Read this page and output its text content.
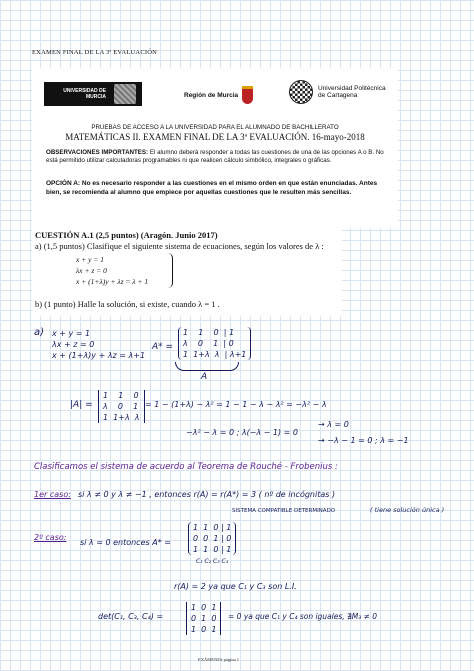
EXAMEN FINAL DE LA 3ª EVALUACIÓN
UNIVERSIDAD DE MURCIA	Región de Murcia
Universidad Politécnica de Cartagena
PRUEBAS DE ACCESO A LA UNIVERSIDAD PARA EL ALUMNADO DE BACHILLERATO
MATEMÁTICAS II. EXAMEN FINAL DE LA 3ª EVALUACIÓN. 16-mayo-2018
OBSERVACIONES IMPORTANTES: El alumno deberá responder a todas las cuestiones de una de las opciones A o B. No está permitido utilizar calculadoras programables ni que realicen cálculo simbólico, integrales o gráficas.
OPCIÓN A: No es necesario responder a las cuestiones en el mismo orden en que están enunciadas. Antes bien, se recomienda al alumno que empiece por aquellas cuestiones que le resulten más sencillas.
CUESTIÓN A.1 (2,5 puntos) (Aragón. Junio 2017)
a) (1,5 puntos) Clasifique el siguiente sistema de ecuaciones, según los valores de λ :
x + y = 1
λx + z = 0
x + (1+λ)y + λz = λ + 1
b) (1 punto) Halle la solución, si existe, cuando λ = 1 .
a) x + y = 1
λx + z = 0
x + (1+λ)y + λz = λ+1
A* =
1    1    0  | 1
λ    0    1  | 0
1  1+λ  λ  | λ+1
A
|A| =
1    1    0
λ    0    1
1  1+λ  λ
= 1 − (1+λ) − λ² = 1 − 1 − λ − λ² = −λ² − λ
−λ² − λ = 0 ; λ(−λ − 1) = 0
→ λ = 0
→ −λ − 1 = 0 ; λ = −1
Clasificamos el sistema de acuerdo al Teorema de Rouché - Frobenius :
1er caso: si λ ≠ 0 y λ ≠ −1 , entonces r(A) = r(A*) = 3 ( nº de incógnitas )
SISTEMA COMPATIBLE DETERMINADO	( tiene solución única )
2º caso:
si λ = 0 entonces A* =
1  1  0 | 1
0  0  1 | 0
1  1  0 | 1
C₁ C₂ C₃ C₄
r(A) = 2 ya que C₁ y C₃ son L.I.
det(C₁, C₃, C₄) =
1  0  1
0  1  0
1  0  1
= 0 ya que C₁ y C₄ son iguales, ∄M₃ ≠ 0
EXÁMENES página 1
